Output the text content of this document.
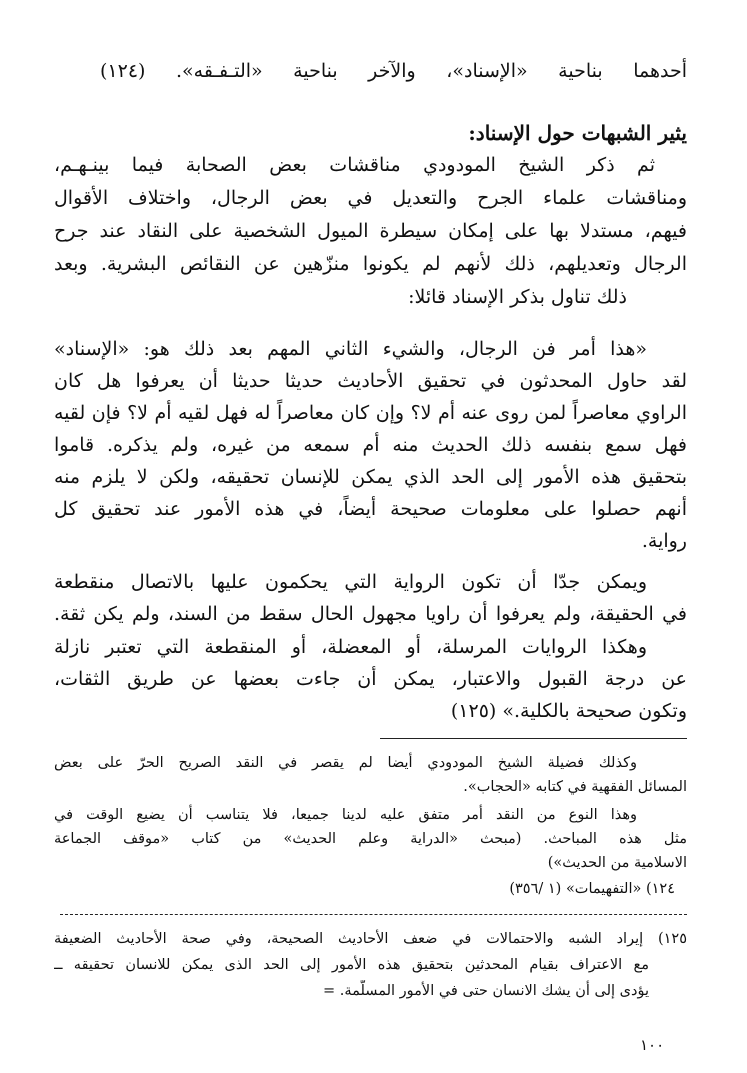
أحدهما بناحية «الإسناد»، والآخر بناحية «التـفـقه». (١٢٤)
يثير الشبهات حول الإسناد:
ثم ذكر الشيخ المودودي مناقشات بعض الصحابة فيما بينـهـم،
ومناقشات علماء الجرح والتعديل في بعض الرجال، واختلاف الأقوال
فيهم، مستدلا بها على إمكان سيطرة الميول الشخصية على النقاد عند جرح
الرجال وتعديلهم، ذلك لأنهم لم يكونوا منزّهين عن النقائص البشرية. وبعد
ذلك تناول بذكر الإسناد قائلا:
«هذا أمر فن الرجال، والشيء الثاني المهم بعد ذلك هو: «الإسناد»
لقد حاول المحدثون في تحقيق الأحاديث حديثا حديثا أن يعرفوا هل كان
الراوي معاصراً لمن روى عنه أم لا؟ وإن كان معاصراً له فهل لقيه أم لا؟ فإن لقيه
فهل سمع بنفسه ذلك الحديث منه أم سمعه من غيره، ولم يذكره. قاموا
بتحقيق هذه الأمور إلى الحد الذي يمكن للإنسان تحقيقه، ولكن لا يلزم منه
أنهم حصلوا على معلومات صحيحة أيضاً، في هذه الأمور عند تحقيق كل
رواية.
ويمكن جدّا أن تكون الرواية التي يحكمون عليها بالاتصال منقطعة
في الحقيقة، ولم يعرفوا أن راويا مجهول الحال سقط من السند، ولم يكن ثقة.
وهكذا الروايات المرسلة، أو المعضلة، أو المنقطعة التي تعتبر نازلة
عن درجة القبول والاعتبار، يمكن أن جاءت بعضها عن طريق الثقات،
وتكون صحيحة بالكلية.» (١٢٥)
وكذلك فضيلة الشيخ المودودي أيضا لم يقصر في النقد الصريح الحرّ على بعض
المسائل الفقهية في كتابه «الحجاب».
وهذا النوع من النقد أمر متفق عليه لدينا جميعا، فلا يتناسب أن يضيع الوقت في
مثل هذه المباحث. (مبحث «الدراية وعلم الحديث» من كتاب «موقف الجماعة
الاسلامية من الحديث»)
١٢٤) «التفهيمات» (١ /٣٥٦)
١٢٥) إيراد الشبه والاحتمالات في ضعف الأحاديث الصحيحة، وفي صحة الأحاديث الضعيفة
مع الاعتراف بقيام المحدثين بتحقيق هذه الأمور إلى الحد الذى يمكن للانسان تحقيقه ــ
يؤدى إلى أن يشك الانسان حتى في الأمور المسلّمة. =
١٠٠
